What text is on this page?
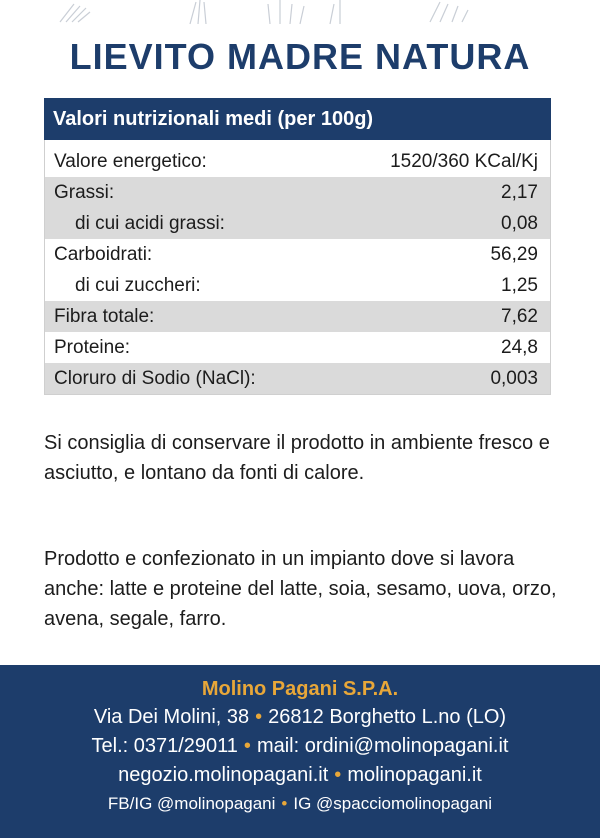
LIEVITO MADRE NATURA
Valori nutrizionali medi (per 100g)
Valore energetico:	1520/360 KCal/Kj
Grassi:	2,17
di cui acidi grassi:	0,08
Carboidrati:	56,29
di cui zuccheri:	1,25
Fibra totale:	7,62
Proteine:	24,8
Cloruro di Sodio (NaCl):	0,003

Si consiglia di conservare il prodotto in ambiente fresco e asciutto, e lontano da fonti di calore.

Prodotto e confezionato in un impianto dove si lavora anche: latte e proteine del latte, soia, sesamo, uova, orzo, avena, segale, farro.

Molino Pagani S.P.A.
Via Dei Molini, 38 • 26812 Borghetto L.no (LO)
Tel.: 0371/29011 • mail: ordini@molinopagani.it
negozio.molinopagani.it • molinopagani.it
FB/IG @molinopagani • IG @spacciomolinopagani
